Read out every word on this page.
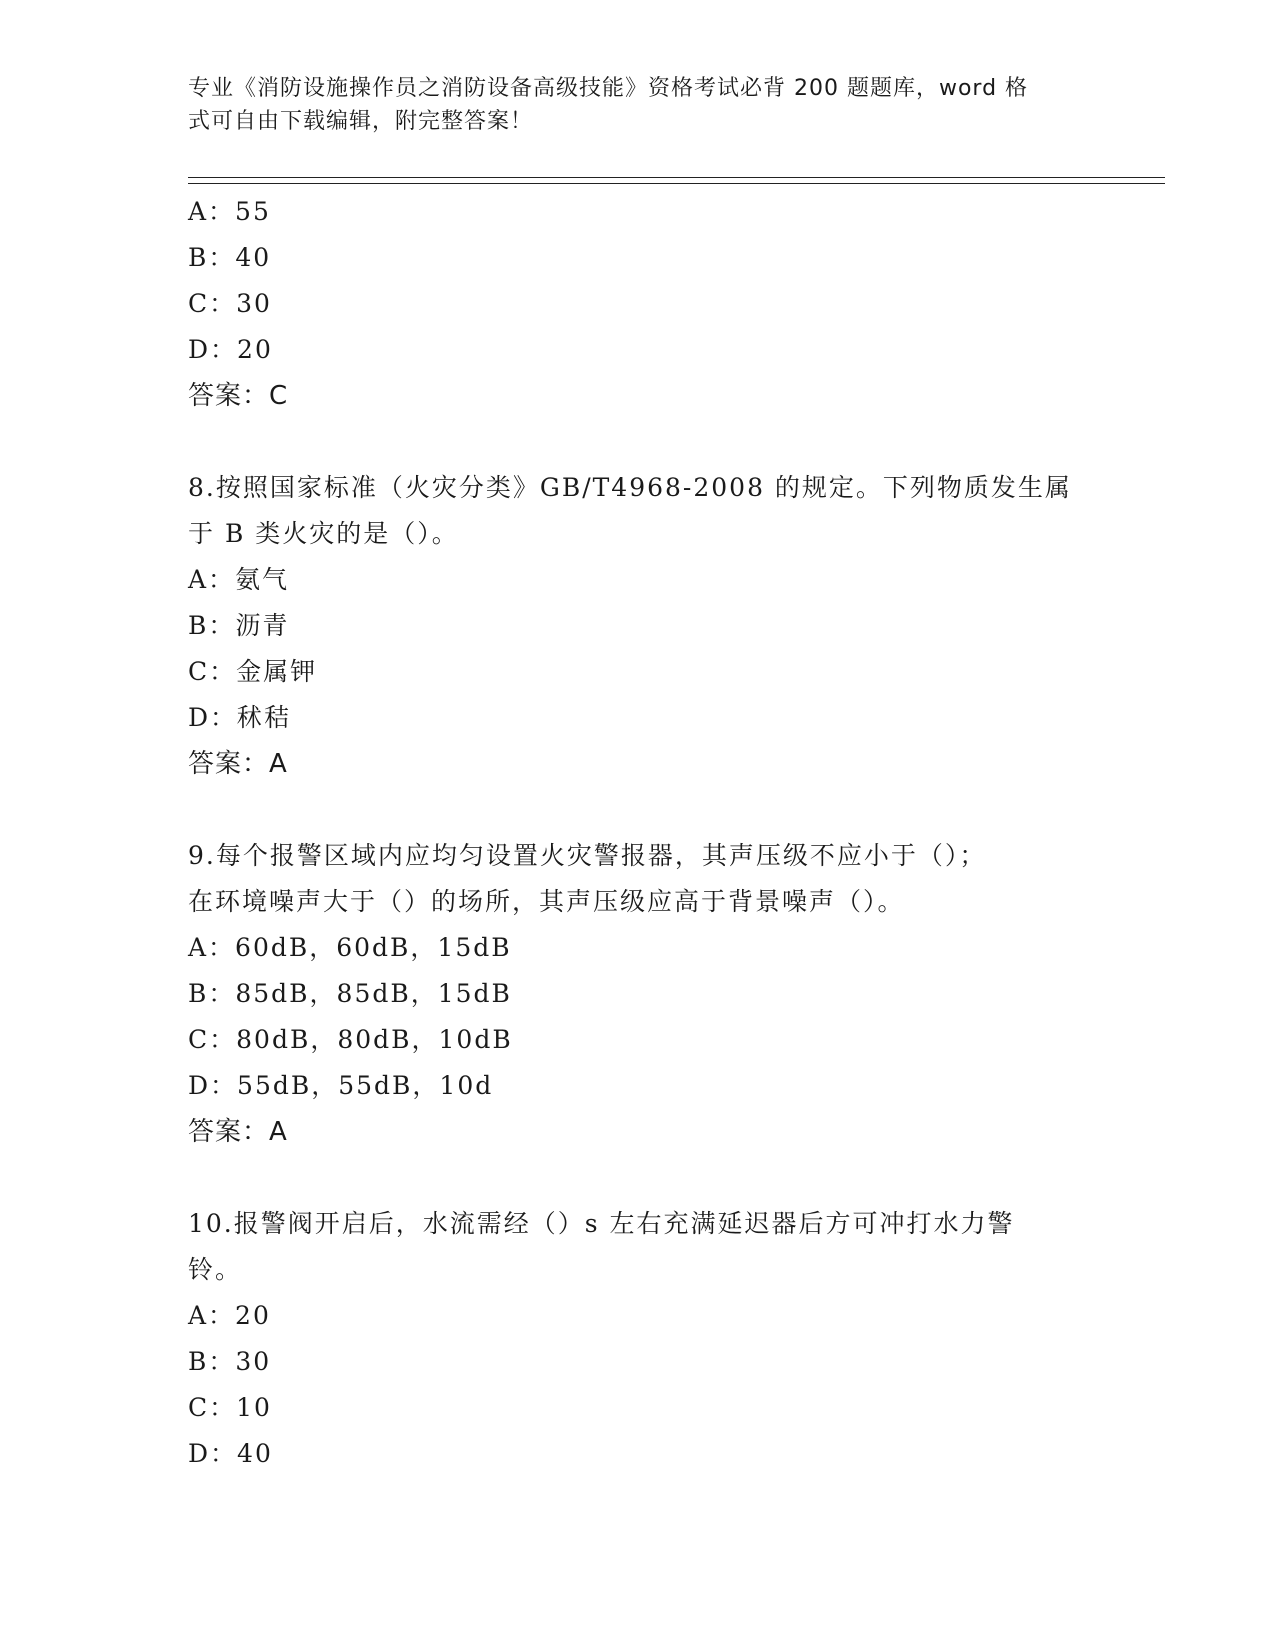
专业《消防设施操作员之消防设备高级技能》资格考试必背 200 题题库，word 格
式可自由下载编辑，附完整答案！
A：55
B：40
C：30
D：20
答案：C
8.按照国家标准（火灾分类》GB/T4968-2008 的规定。下列物质发生属
于 B 类火灾的是（）。
A：氨气
B：沥青
C：金属钾
D：秫秸
答案：A
9.每个报警区域内应均匀设置火灾警报器，其声压级不应小于（）；
在环境噪声大于（）的场所，其声压级应高于背景噪声（）。
A：60dB，60dB，15dB
B：85dB，85dB，15dB
C：80dB，80dB，10dB
D：55dB，55dB，10d
答案：A
10.报警阀开启后，水流需经（）s 左右充满延迟器后方可冲打水力警
铃。
A：20
B：30
C：10
D：40
